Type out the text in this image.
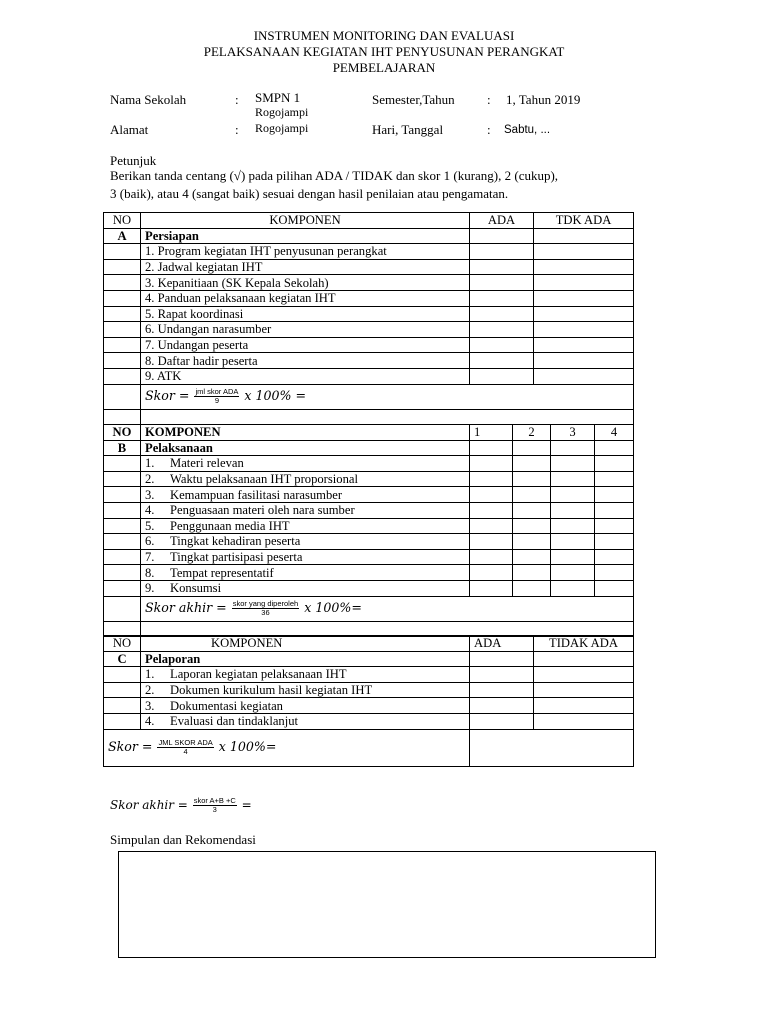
INSTRUMEN MONITORING DAN EVALUASI
PELAKSANAAN KEGIATAN IHT PENYUSUNAN PERANGKAT
PEMBELAJARAN
Nama Sekolah	: SMPN 1
Rogojampi
Semester,Tahun : 1, Tahun 2019
Alamat	: Rogojampi	Hari, Tanggal	: Sabtu, ...
Petunjuk
Berikan tanda centang (√) pada pilihan ADA / TIDAK dan skor 1 (kurang), 2 (cukup),
3 (baik), atau 4 (sangat baik) sesuai dengan hasil penilaian atau pengamatan.
NO	KOMPONEN	ADA	TDK ADA
A	Persiapan		
	1. Program kegiatan IHT penyusunan perangkat		
	2. Jadwal kegiatan IHT		
	3. Kepanitiaan (SK Kepala Sekolah)		
	4. Panduan pelaksanaan kegiatan IHT		
	5. Rapat koordinasi		
	6. Undangan narasumber		
	7. Undangan peserta		
	8. Daftar hadir peserta		
	9. ATK		
	Skor = $\frac{\text{jml skor ADA}}{9}$ x 100% =		

NO	KOMPONEN	1	2	3	4
B	Pelaksanaan				
	1. Materi relevan				
	2. Waktu pelaksanaan IHT proporsional				
	3. Kemampuan fasilitasi narasumber				
	4. Penguasaan materi oleh nara sumber				
	5. Penggunaan media IHT				
	6. Tingkat kehadiran peserta				
	7. Tingkat partisipasi peserta				
	8. Tempat representatif				
	9. Konsumsi				
	Skor akhir = $\frac{\text{skor yang diperoleh}}{36}$ x 100%=				

NO	KOMPONEN	ADA	TIDAK ADA
C	Pelaporan		
	1. Laporan kegiatan pelaksanaan IHT		
	2. Dokumen kurikulum hasil kegiatan IHT		
	3. Dokumentasi kegiatan		
	4. Evaluasi dan tindaklanjut		
Skor = $\frac{\text{JML SKOR ADA}}{4}$ x 100%=			
Skor akhir = $\frac{\text{skor A+B +C}}{3}$ =
Simpulan dan Rekomendasi
